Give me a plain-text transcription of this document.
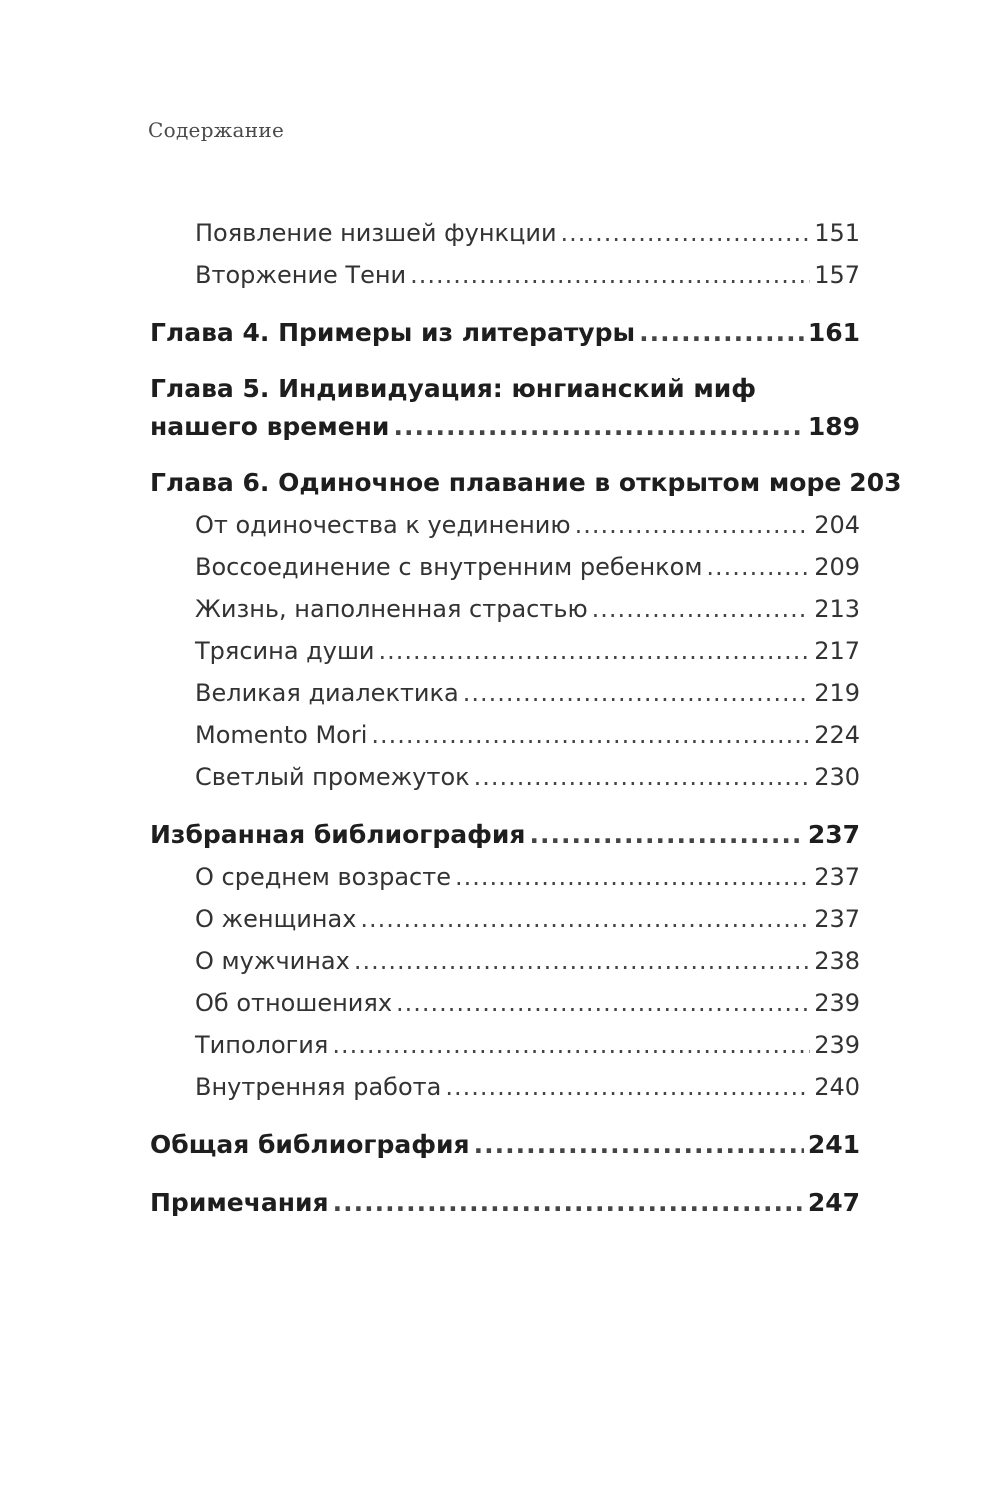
Содержание
Появление низшей функции .....	151
Вторжение Тени .....	157
Глава 4. Примеры из литературы .....	161
Глава 5. Индивидуация: юнгианский миф
нашего времени .....	189
Глава 6. Одиночное плавание в открытом море 203
От одиночества к уединению .....	204
Воссоединение с внутренним ребенком .....	209
Жизнь, наполненная страстью .....	213
Трясина души .....	217
Великая диалектика .....	219
Momento Mori .....	224
Светлый промежуток .....	230
Избранная библиография .....	237
О среднем возрасте .....	237
О женщинах .....	237
О мужчинах .....	238
Об отношениях .....	239
Типология .....	239
Внутренняя работа .....	240
Общая библиография .....	241
Примечания .....	247
